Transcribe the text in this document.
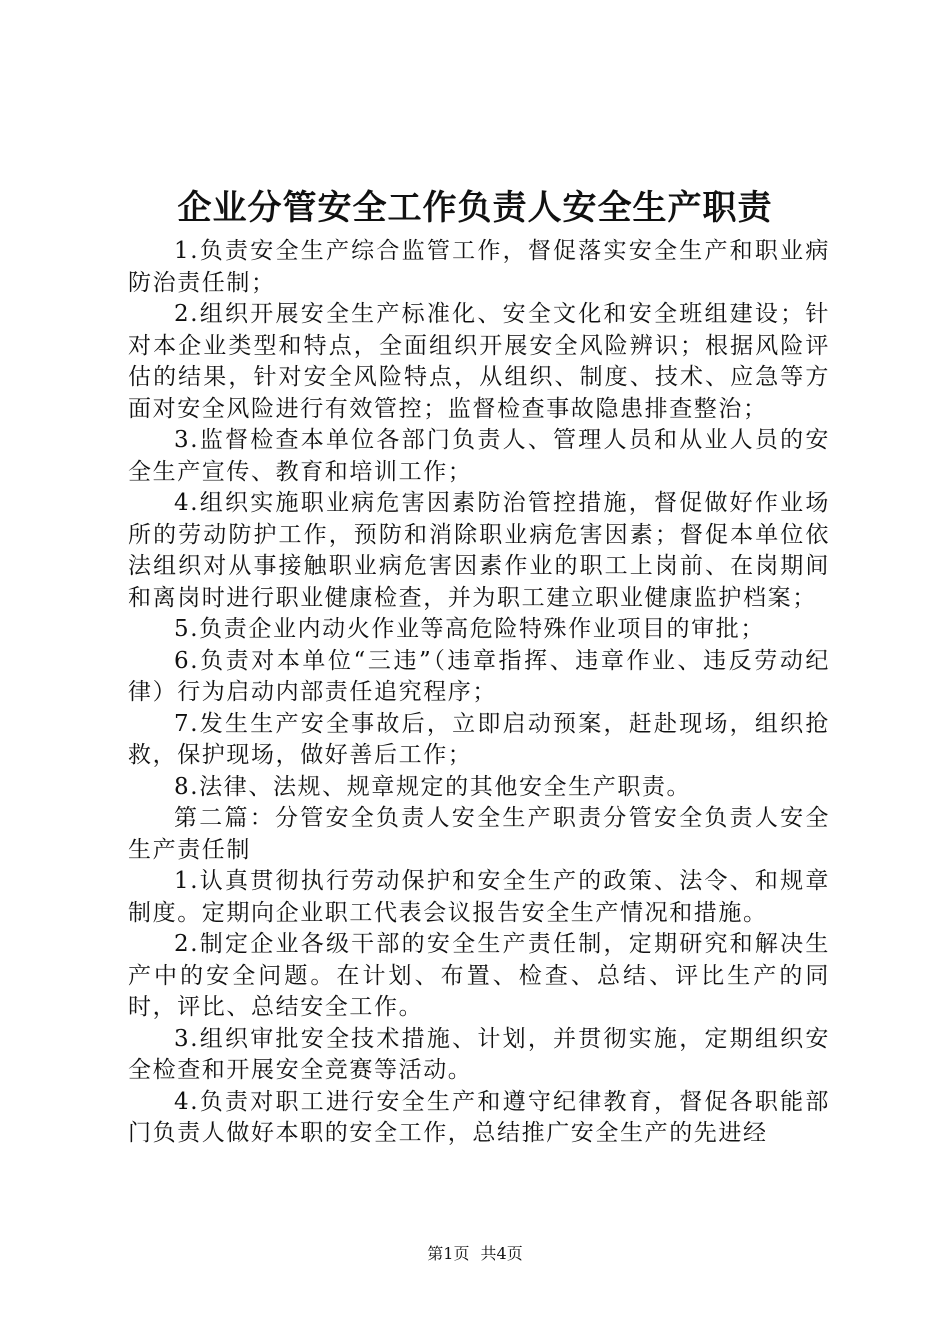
企业分管安全工作负责人安全生产职责

1.负责安全生产综合监管工作，督促落实安全生产和职业病防治责任制；

2.组织开展安全生产标准化、安全文化和安全班组建设；针对本企业类型和特点，全面组织开展安全风险辨识；根据风险评估的结果，针对安全风险特点，从组织、制度、技术、应急等方面对安全风险进行有效管控；监督检查事故隐患排查整治；

3.监督检查本单位各部门负责人、管理人员和从业人员的安全生产宣传、教育和培训工作；

4.组织实施职业病危害因素防治管控措施，督促做好作业场所的劳动防护工作，预防和消除职业病危害因素；督促本单位依法组织对从事接触职业病危害因素作业的职工上岗前、在岗期间和离岗时进行职业健康检查，并为职工建立职业健康监护档案；

5.负责企业内动火作业等高危险特殊作业项目的审批；

6.负责对本单位“三违”（违章指挥、违章作业、违反劳动纪律）行为启动内部责任追究程序；

7.发生生产安全事故后，立即启动预案，赶赴现场，组织抢救，保护现场，做好善后工作；

8.法律、法规、规章规定的其他安全生产职责。

第二篇：分管安全负责人安全生产职责分管安全负责人安全生产责任制

1.认真贯彻执行劳动保护和安全生产的政策、法令、和规章制度。定期向企业职工代表会议报告安全生产情况和措施。

2.制定企业各级干部的安全生产责任制，定期研究和解决生产中的安全问题。在计划、布置、检查、总结、评比生产的同时，评比、总结安全工作。

3.组织审批安全技术措施、计划，并贯彻实施，定期组织安全检查和开展安全竞赛等活动。

4.负责对职工进行安全生产和遵守纪律教育，督促各职能部门负责人做好本职的安全工作，总结推广安全生产的先进经

第1页 共4页
